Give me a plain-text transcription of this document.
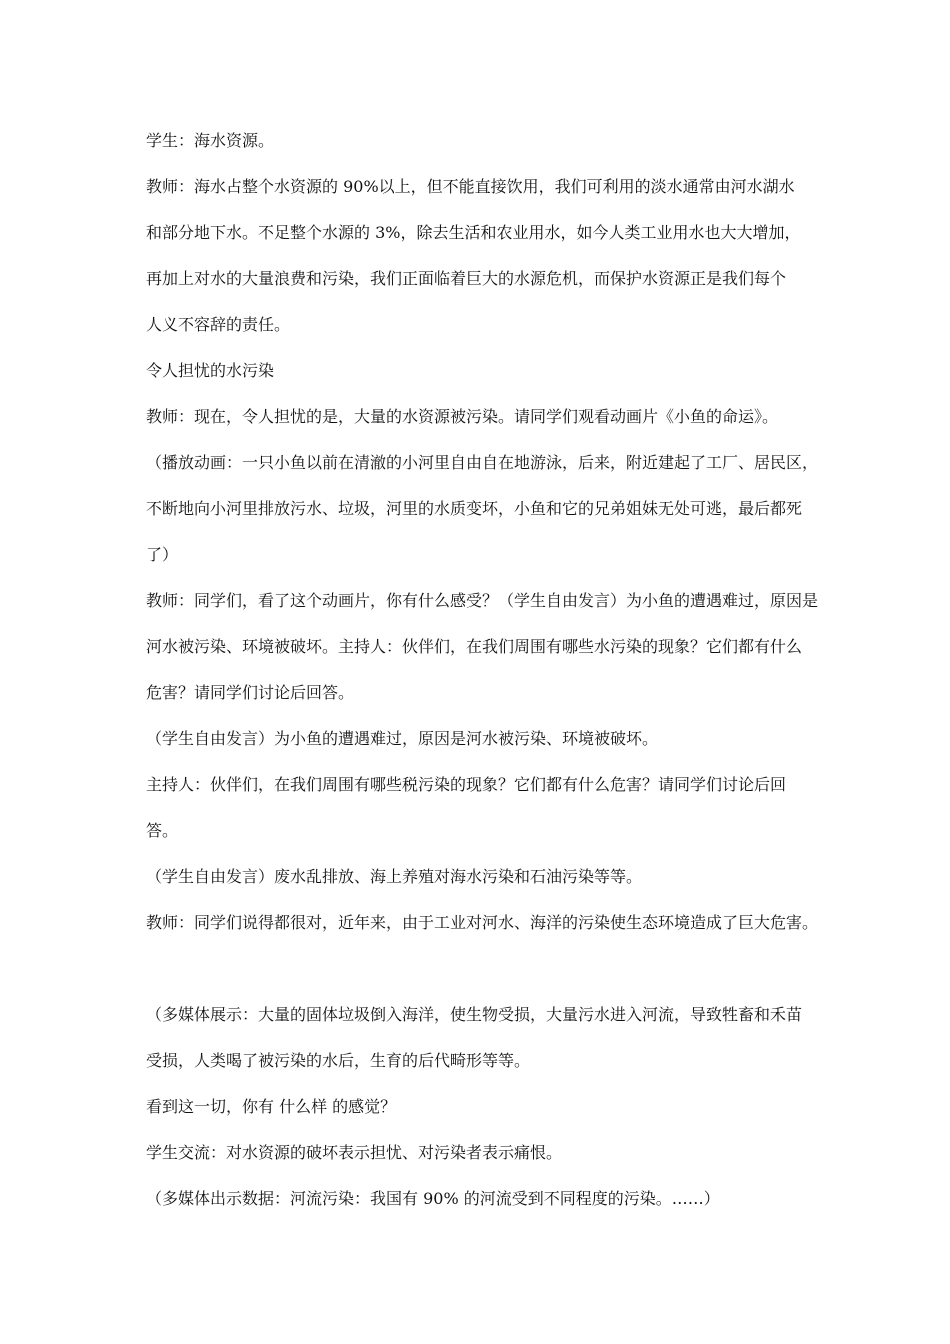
学生：海水资源。
教师：海水占整个水资源的 90%以上，但不能直接饮用，我们可利用的淡水通常由河水湖水
和部分地下水。不足整个水源的 3%，除去生活和农业用水，如今人类工业用水也大大增加，
再加上对水的大量浪费和污染，我们正面临着巨大的水源危机，而保护水资源正是我们每个
人义不容辞的责任。
令人担忧的水污染
教师：现在，令人担忧的是，大量的水资源被污染。请同学们观看动画片《小鱼的命运》。
（播放动画：一只小鱼以前在清澈的小河里自由自在地游泳，后来，附近建起了工厂、居民区，
不断地向小河里排放污水、垃圾，河里的水质变坏，小鱼和它的兄弟姐妹无处可逃，最后都死
了）
教师：同学们，看了这个动画片，你有什么感受？（学生自由发言）为小鱼的遭遇难过，原因是
河水被污染、环境被破坏。主持人：伙伴们，在我们周围有哪些水污染的现象？它们都有什么
危害？请同学们讨论后回答。
（学生自由发言）为小鱼的遭遇难过，原因是河水被污染、环境被破坏。
主持人：伙伴们，在我们周围有哪些税污染的现象？它们都有什么危害？请同学们讨论后回
答。
（学生自由发言）废水乱排放、海上养殖对海水污染和石油污染等等。
教师：同学们说得都很对，近年来，由于工业对河水、海洋的污染使生态环境造成了巨大危害。
（多媒体展示：大量的固体垃圾倒入海洋，使生物受损，大量污水进入河流，导致牲畜和禾苗
受损，人类喝了被污染的水后，生育的后代畸形等等。
看到这一切，你有 什么样 的感觉？
学生交流：对水资源的破坏表示担忧、对污染者表示痛恨。
（多媒体出示数据：河流污染：我国有 90% 的河流受到不同程度的污染。……）
